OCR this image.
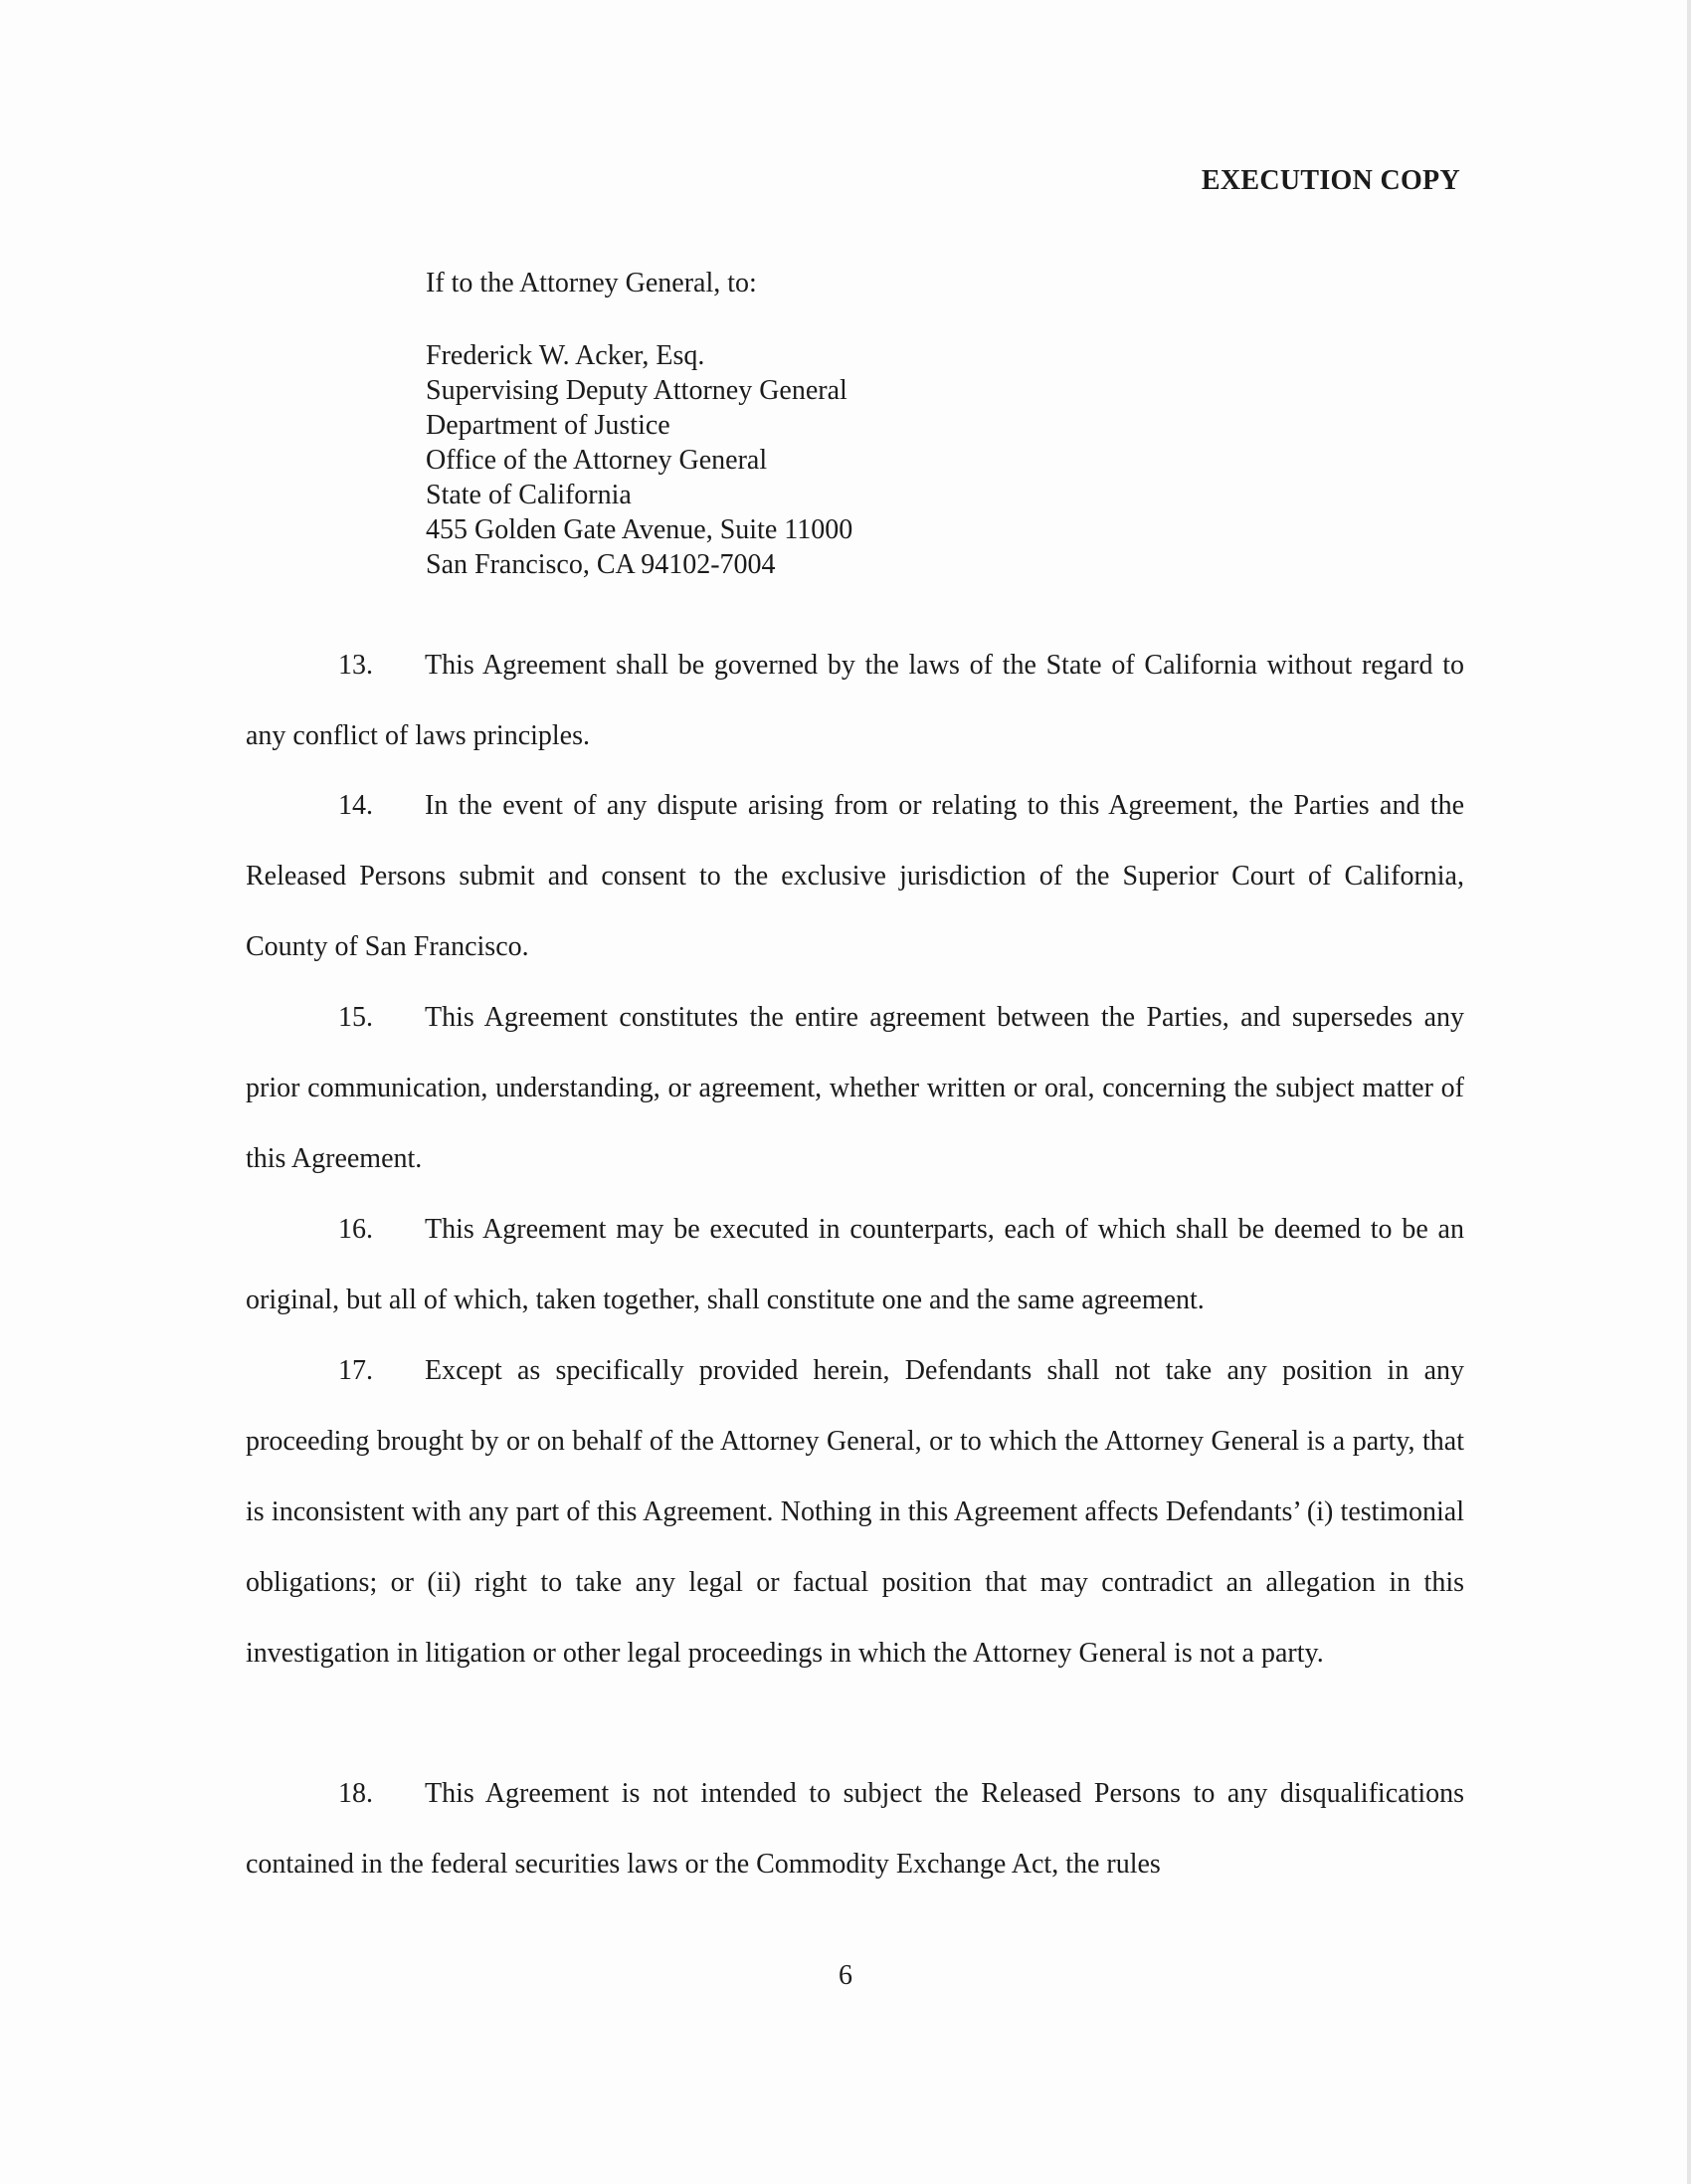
EXECUTION COPY
If to the Attorney General, to:
Frederick W. Acker, Esq.
Supervising Deputy Attorney General
Department of Justice
Office of the Attorney General
State of California
455 Golden Gate Avenue, Suite 11000
San Francisco, CA 94102-7004
13. This Agreement shall be governed by the laws of the State of California without regard to any conflict of laws principles.
14. In the event of any dispute arising from or relating to this Agreement, the Parties and the Released Persons submit and consent to the exclusive jurisdiction of the Superior Court of California, County of San Francisco.
15. This Agreement constitutes the entire agreement between the Parties, and supersedes any prior communication, understanding, or agreement, whether written or oral, concerning the subject matter of this Agreement.
16. This Agreement may be executed in counterparts, each of which shall be deemed to be an original, but all of which, taken together, shall constitute one and the same agreement.
17. Except as specifically provided herein, Defendants shall not take any position in any proceeding brought by or on behalf of the Attorney General, or to which the Attorney General is a party, that is inconsistent with any part of this Agreement. Nothing in this Agreement affects Defendants’ (i) testimonial obligations; or (ii) right to take any legal or factual position that may contradict an allegation in this investigation in litigation or other legal proceedings in which the Attorney General is not a party.
18. This Agreement is not intended to subject the Released Persons to any disqualifications contained in the federal securities laws or the Commodity Exchange Act, the rules
6
